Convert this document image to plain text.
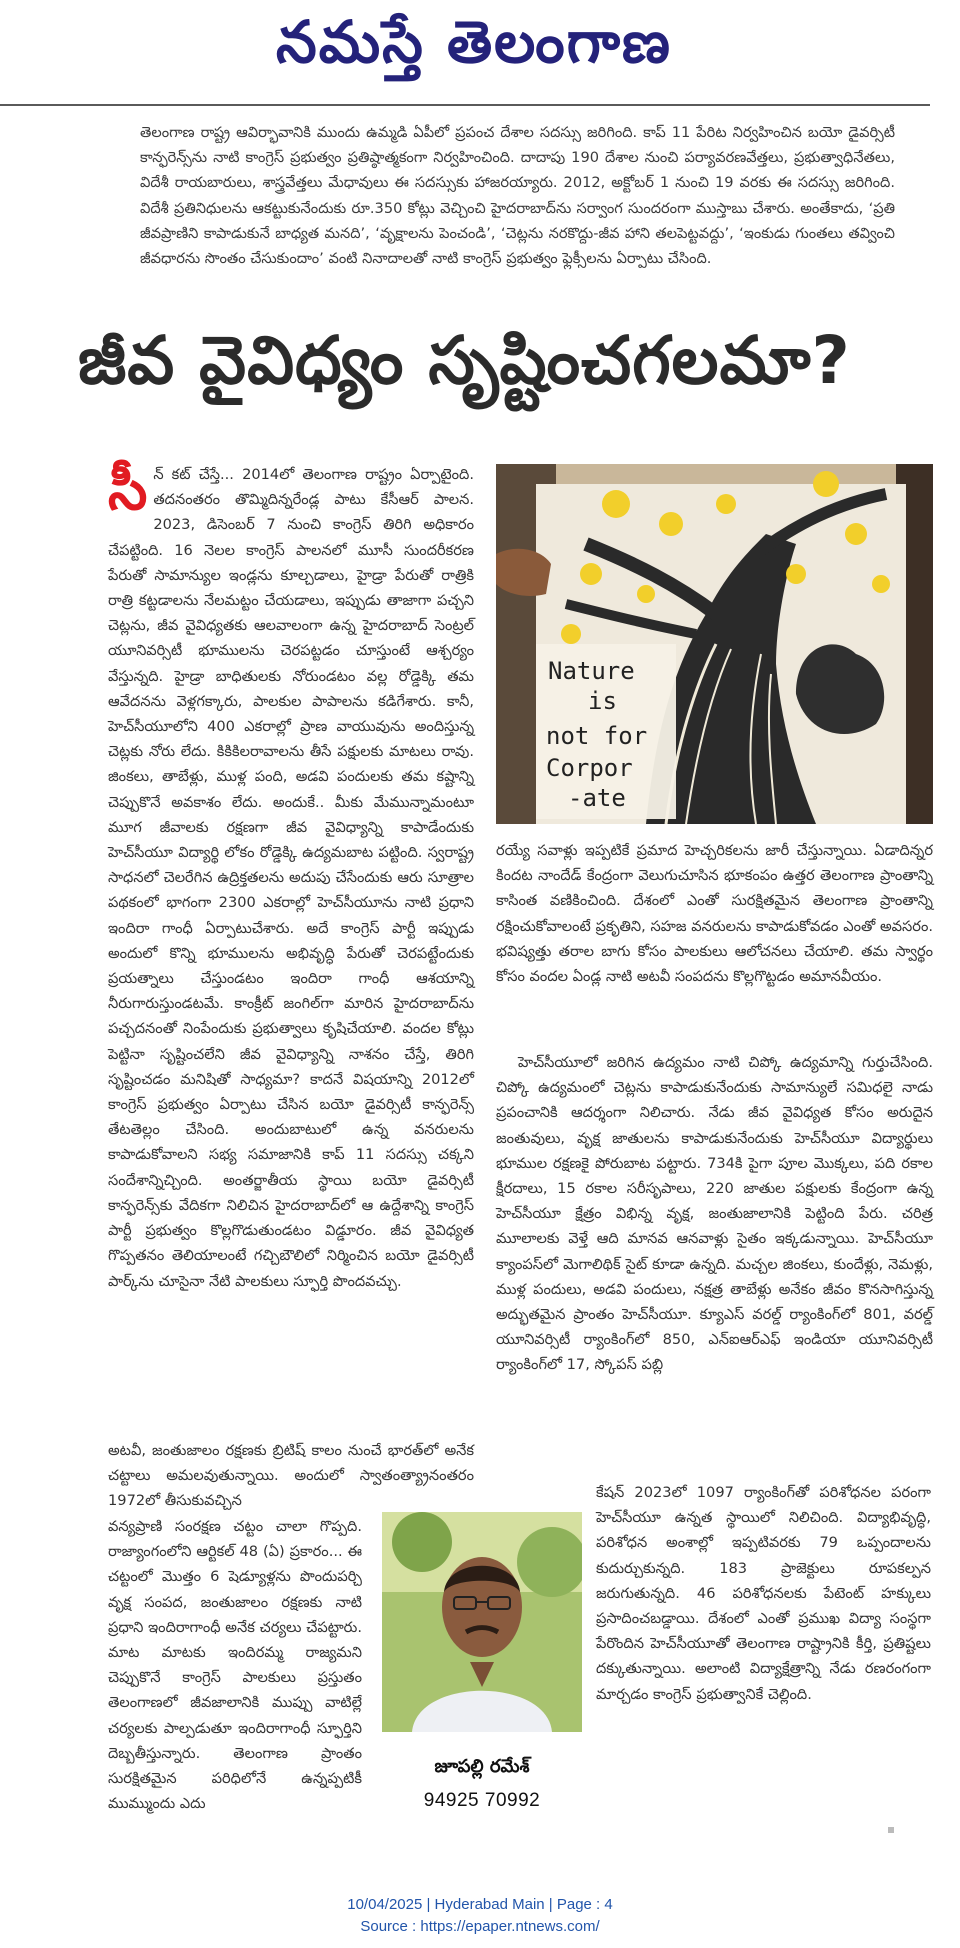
నమస్తే తెలంగాణ

తెలంగాణ రాష్ట్ర ఆవిర్భావానికి ముందు ఉమ్మడి ఏపీలో ప్రపంచ దేశాల సదస్సు జరిగింది. కాప్‌ 11 పేరిట నిర్వహించిన బయో డైవర్సిటీ కాన్ఫరెన్స్‌ను నాటి కాంగ్రెస్‌ ప్రభుత్వం ప్రతిష్ఠాత్మకంగా నిర్వహించింది. దాదాపు 190 దేశాల నుంచి పర్యావరణవేత్తలు, ప్రభుత్వాధినేతలు, విదేశీ రాయబారులు, శాస్త్రవేత్తలు మేధావులు ఈ సదస్సుకు హాజరయ్యారు. 2012, అక్టోబర్‌ 1 నుంచి 19 వరకు ఈ సదస్సు జరిగింది. విదేశీ ప్రతినిధులను ఆకట్టుకునేందుకు రూ.350 కోట్లు వెచ్చించి హైదరాబాద్‌ను సర్వాంగ సుందరంగా ముస్తాబు చేశారు. అంతేకాదు, ‘ప్రతి జీవప్రాణిని కాపాడుకునే బాధ్యత మనది’, ‘వృక్షాలను పెంచండి’, ‘చెట్లను నరకొద్దు-జీవ హాని తలపెట్టవద్దు’, ‘ఇంకుడు గుంతలు తవ్వించి జీవధారను సొంతం చేసుకుందాం’ వంటి నినాదాలతో నాటి కాంగ్రెస్‌ ప్రభుత్వం ఫ్లెక్సీలను ఏర్పాటు చేసింది.

జీవ వైవిధ్యం సృష్టించగలమా?

సీన్‌ కట్‌ చేస్తే... 2014లో తెలంగాణ రాష్ట్రం ఏర్పాటైంది. తదనంతరం తొమ్మిదిన్నరేండ్ల పాటు కేసీఆర్‌ పాలన. 2023, డిసెంబర్‌ 7 నుంచి కాంగ్రెస్‌ తిరిగి అధికారం చేపట్టింది. 16 నెలల కాంగ్రెస్‌ పాలనలో మూసీ సుందరీకరణ పేరుతో సామాన్యుల ఇండ్లను కూల్చడాలు, హైడ్రా పేరుతో రాత్రికి రాత్రి కట్టడాలను నేలమట్టం చేయడాలు, ఇప్పుడు తాజాగా పచ్చని చెట్లను, జీవ వైవిధ్యతకు ఆలవాలంగా ఉన్న హైదరాబాద్‌ సెంట్రల్‌ యూనివర్సిటీ భూములను చెరపట్టడం చూస్తుంటే ఆశ్చర్యం వేస్తున్నది. హైడ్రా బాధితులకు నోరుండటం వల్ల రోడ్డెక్కి తమ ఆవేదనను వెళ్లగక్కారు, పాలకుల పాపాలను కడిగేశారు. కానీ, హెచ్‌సీయూలోని 400 ఎకరాల్లో ప్రాణ వాయువును అందిస్తున్న చెట్లకు నోరు లేదు. కికికిలరావాలను తీసే పక్షులకు మాటలు రావు. జింకలు, తాబేళ్లు, ముళ్ల పంది, అడవి పందులకు తమ కష్టాన్ని చెప్పుకొనే అవకాశం లేదు. అందుకే.. మీకు మేమున్నామంటూ మూగ జీవాలకు రక్షణగా జీవ వైవిధ్యాన్ని కాపాడేందుకు హెచ్‌సీయూ విద్యార్థి లోకం రోడ్డెక్కి ఉద్యమబాట పట్టింది. స్వరాష్ట్ర సాధనలో చెలరేగిన ఉద్రిక్తతలను అదుపు చేసేందుకు ఆరు సూత్రాల పథకంలో భాగంగా 2300 ఎకరాల్లో హెచ్‌సీయూను నాటి ప్రధాని ఇందిరా గాంధీ ఏర్పాటుచేశారు. అదే కాంగ్రెస్‌ పార్టీ ఇప్పుడు అందులో కొన్ని భూములను అభివృద్ధి పేరుతో చెరపట్టేందుకు ప్రయత్నాలు చేస్తుండటం ఇందిరా గాంధీ ఆశయాన్ని నీరుగారుస్తుండటమే. కాంక్రీట్‌ జంగిల్‌గా మారిన హైదరాబాద్‌ను పచ్చదనంతో నింపేందుకు ప్రభుత్వాలు కృషిచేయాలి. వందల కోట్లు పెట్టినా సృష్టించలేని జీవ వైవిధ్యాన్ని నాశనం చేస్తే, తిరిగి సృష్టించడం మనిషితో సాధ్యమా? కాదనే విషయాన్ని 2012లో కాంగ్రెస్‌ ప్రభుత్వం ఏర్పాటు చేసిన బయో డైవర్సిటీ కాన్ఫరెన్స్‌ తేటతెల్లం చేసింది. అందుబాటులో ఉన్న వనరులను కాపాడుకోవాలని సభ్య సమాజానికి కాప్‌ 11 సదస్సు చక్కని సందేశాన్నిచ్చింది. అంతర్జాతీయ స్థాయి బయో డైవర్సిటీ కాన్ఫరెన్స్‌కు వేదికగా నిలిచిన హైదరాబాద్‌లో ఆ ఉద్దేశాన్ని కాంగ్రెస్‌ పార్టీ ప్రభుత్వం కొల్లగొడుతుండటం విడ్డూరం. జీవ వైవిధ్యత గొప్పతనం తెలియాలంటే గచ్చిబౌలిలో నిర్మించిన బయో డైవర్సిటీ పార్క్‌ను చూసైనా నేటి పాలకులు స్ఫూర్తి పొందవచ్చు.

అటవీ, జంతుజాలం రక్షణకు బ్రిటిష్‌ కాలం నుంచే భారత్‌లో అనేక చట్టాలు అమలవుతున్నాయి. అందులో స్వాతంత్య్రానంతరం 1972లో తీసుకువచ్చిన

వన్యప్రాణి సంరక్షణ చట్టం చాలా గొప్పది. రాజ్యాంగంలోని ఆర్టికల్‌ 48 (ఏ) ప్రకారం... ఈ చట్టంలో మొత్తం 6 షెడ్యూళ్లను పొందుపర్చి వృక్ష సంపద, జంతుజాలం రక్షణకు నాటి ప్రధాని ఇందిరాగాంధీ అనేక చర్యలు చేపట్టారు. మాట మాటకు ఇందిరమ్మ రాజ్యమని చెప్పుకొనే కాంగ్రెస్‌ పాలకులు ప్రస్తుతం తెలంగాణలో జీవజాలానికి ముప్పు వాటిల్లే చర్యలకు పాల్పడుతూ ఇందిరాగాంధీ స్ఫూర్తిని దెబ్బతీస్తున్నారు. తెలంగాణ ప్రాంతం సురక్షితమైన పరిధిలోనే ఉన్నప్పటికీ ముమ్ముందు ఎదు

Nature
is
not for
Corpor
-ate

రయ్యే సవాళ్లు ఇప్పటికే ప్రమాద హెచ్చరికలను జారీ చేస్తున్నాయి. ఏడాదిన్నర కిందట నాందేడ్‌ కేంద్రంగా వెలుగుచూసిన భూకంపం ఉత్తర తెలంగాణ ప్రాంతాన్ని కాసింత వణికించింది. దేశంలో ఎంతో సురక్షితమైన తెలంగాణ ప్రాంతాన్ని రక్షించుకోవాలంటే ప్రకృతిని, సహజ వనరులను కాపాడుకోవడం ఎంతో అవసరం. భవిష్యత్తు తరాల బాగు కోసం పాలకులు ఆలోచనలు చేయాలి. తమ స్వార్థం కోసం వందల ఏండ్ల నాటి అటవీ సంపదను కొల్లగొట్టడం అమానవీయం.

హెచ్‌సీయూలో జరిగిన ఉద్యమం నాటి చిప్కో ఉద్యమాన్ని గుర్తుచేసింది. చిప్కో ఉద్యమంలో చెట్లను కాపాడుకునేందుకు సామాన్యులే సమిధలై నాడు ప్రపంచానికి ఆదర్శంగా నిలిచారు. నేడు జీవ వైవిధ్యత కోసం అరుదైన జంతువులు, వృక్ష జాతులను కాపాడుకునేందుకు హెచ్‌సీయూ విద్యార్థులు భూముల రక్షణకై పోరుబాట పట్టారు. 734కి పైగా పూల మొక్కలు, పది రకాల క్షీరదాలు, 15 రకాల సరీసృపాలు, 220 జాతుల పక్షులకు కేంద్రంగా ఉన్న హెచ్‌సీయూ క్షేత్రం విభిన్న వృక్ష, జంతుజాలానికి పెట్టింది పేరు. చరిత్ర మూలాలకు వెళ్తే ఆది మానవ ఆనవాళ్లు సైతం ఇక్కడున్నాయి. హెచ్‌సీయూ క్యాంపస్‌లో మెగాలిథిక్‌ సైట్‌ కూడా ఉన్నది. మచ్చల జింకలు, కుందేళ్లు, నెమళ్లు, ముళ్ల పందులు, అడవి పందులు, నక్షత్ర తాబేళ్లు అనేకం జీవం కొనసాగిస్తున్న అద్భుతమైన ప్రాంతం హెచ్‌సీయూ. క్యూఎస్‌ వరల్డ్‌ ర్యాంకింగ్‌లో 801, వరల్డ్‌ యూనివర్సిటీ ర్యాంకింగ్‌లో 850, ఎన్‌ఐఆర్‌ఎఫ్‌ ఇండియా యూనివర్సిటీ ర్యాంకింగ్‌లో 17, స్కోపస్‌ పబ్లి

కేషన్‌ 2023లో 1097 ర్యాంకింగ్‌తో పరిశోధనల పరంగా హెచ్‌సీయూ ఉన్నత స్థాయిలో నిలిచింది. విద్యాభివృద్ధి, పరిశోధన అంశాల్లో ఇప్పటివరకు 79 ఒప్పందాలను కుదుర్చుకున్నది. 183 ప్రాజెక్టులు రూపకల్పన జరుగుతున్నది. 46 పరిశోధనలకు పేటెంట్‌ హక్కులు ప్రసాదించబడ్డాయి. దేశంలో ఎంతో ప్రముఖ విద్యా సంస్థగా పేరొందిన హెచ్‌సీయూతో తెలంగాణ రాష్ట్రానికి కీర్తి, ప్రతిష్టలు దక్కుతున్నాయి. అలాంటి విద్యాక్షేత్రాన్ని నేడు రణరంగంగా మార్చడం కాంగ్రెస్‌ ప్రభుత్వానికే చెల్లింది.

జూపల్లి రమేశ్‌
94925 70992
10/04/2025 | Hyderabad Main | Page : 4
Source : https://epaper.ntnews.com/
